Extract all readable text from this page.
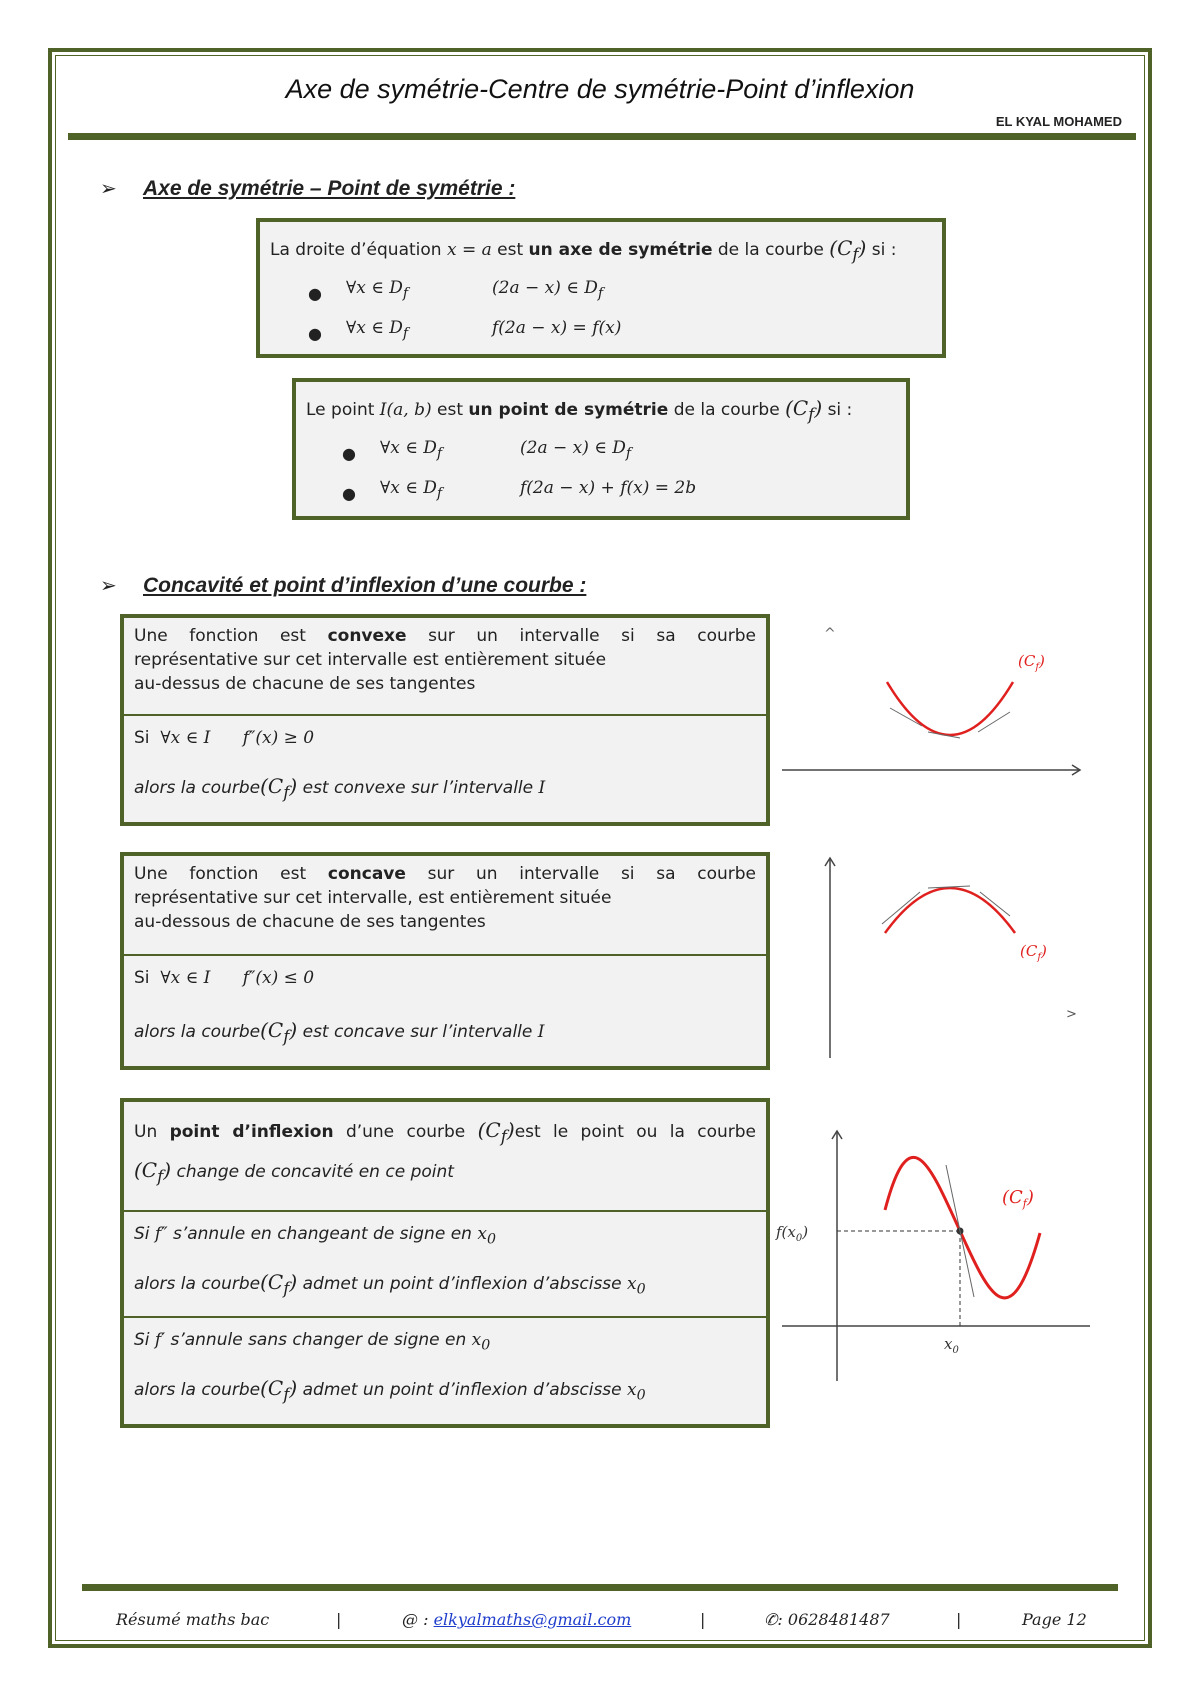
Axe de symétrie-Centre de symétrie-Point d’inflexion
EL KYAL MOHAMED
➢ Axe de symétrie – Point de symétrie :
La droite d’équation x = a est un axe de symétrie de la courbe $(C_f)$ si :
● ∀x ∈ $D_f$	(2a − x) ∈ $D_f$
● ∀x ∈ $D_f$	f(2a − x) = f(x)
Le point I(a, b) est un point de symétrie de la courbe $(C_f)$ si :
● ∀x ∈ $D_f$	(2a − x) ∈ $D_f$
● ∀x ∈ $D_f$	f(2a − x) + f(x) = 2b
➢ Concavité et point d’inflexion d’une courbe :
Une fonction est convexe sur un intervalle si sa courbe
représentative sur cet intervalle est entièrement située
au-dessus de chacune de ses tangentes
Si ∀x ∈ I f″(x) ≥ 0
alors la $courbe(C_f)$ est convexe sur l’intervalle I
Une fonction est concave sur un intervalle si sa courbe
représentative sur cet intervalle, est entièrement située
au-dessous de chacune de ses tangentes
Si ∀x ∈ I f″(x) ≤ 0
alors la $courbe(C_f)$ est concave sur l’intervalle I
Un point d’inflexion d’une courbe $(C_f)est$ le point ou la courbe
$(C_f)$ change de concavité en ce point
Si f″ s’annule en changeant de signe en $x_0$
alors la $courbe(C_f)$ admet un point d’inflexion d’abscisse $x_0$
Si f′ s’annule sans changer de signe en $x_0$
alors la $courbe(C_f)$ admet un point d’inflexion d’abscisse $x_0$
^
$(C_f)$
>
$(C_f)$
$f(x_0)$
$x_0$
$(C_f)$
Résumé maths bac	|	@ : elkyalmaths@gmail.com	|	✆: 0628481487	|	Page 12
